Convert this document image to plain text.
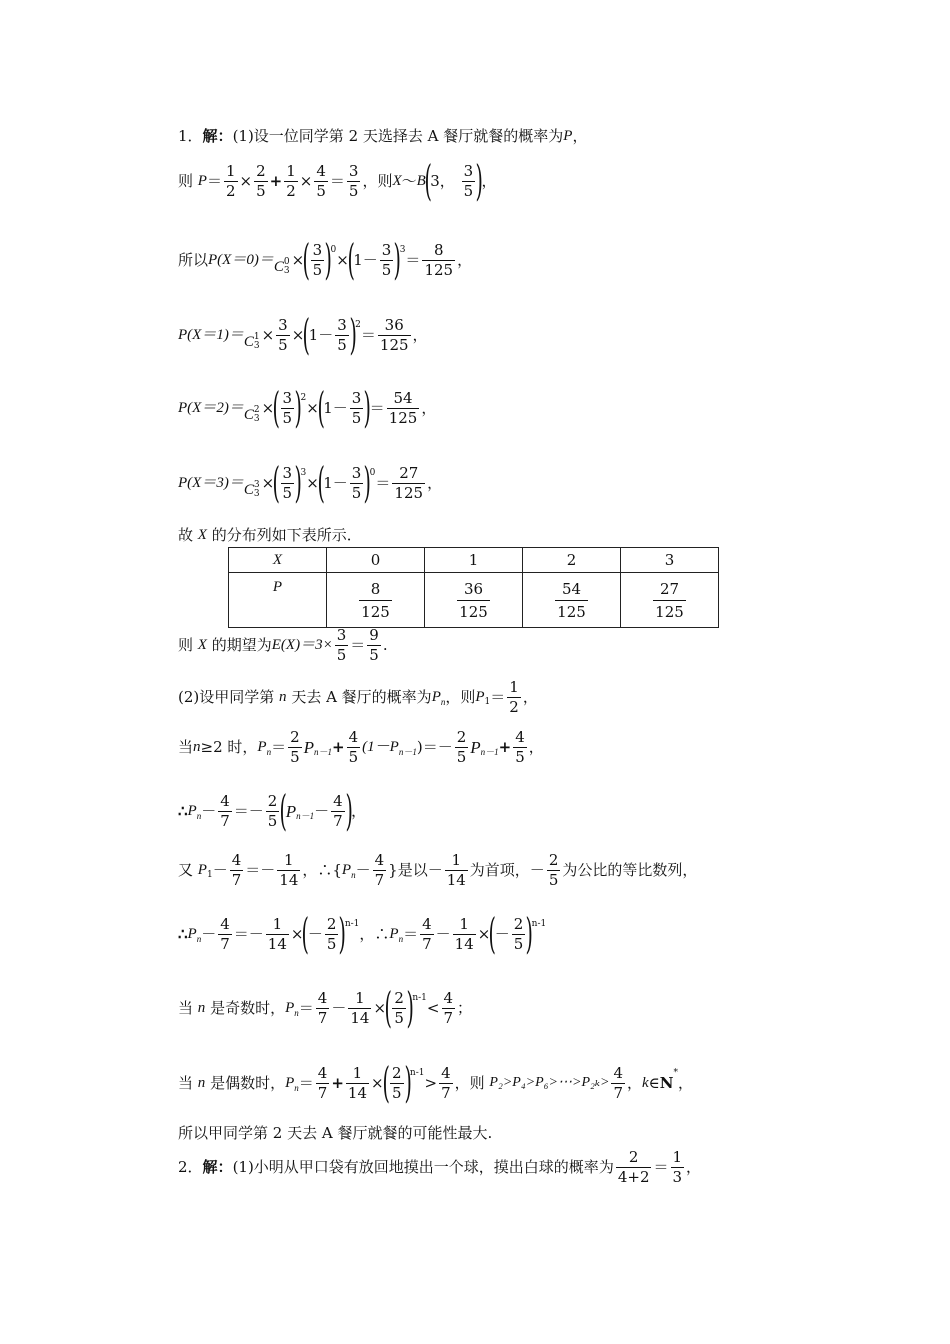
1． 解： (1)设一位同学第 2 天选择去 A 餐厅就餐的概率为 P ，
则
$P = \frac{1}{2} \times \frac{2}{5} + \frac{1}{2} \times \frac{4}{5} = \frac{3}{5}$ ，则 X ～ B
(
3，
$\frac{3}{5}$ )
，
所以 P(X＝0)＝ C 0
3
×
( $\frac{3}{5}$ )
0
×
(
$1- \frac{3}{5}$ )
3
＝ $\frac{8}{125}$ ，
P(X＝1)＝ C 1
3
× $\frac{3}{5}$ ×
(
$1- \frac{3}{5}$ )
2
＝ $\frac{36}{125}$ ，
P(X＝2)＝ C 2
3
×
( $\frac{3}{5}$ )
2
×
(
$1- \frac{3}{5}$ )
＝ $\frac{54}{125}$ ，
P(X＝3)＝ C 3
3
×
( $\frac{3}{5}$ )
3
×
(
$1- \frac{3}{5}$ )
0
＝ $\frac{27}{125}$ ，
故
X
的分布列如下表所示．
X	0	1	2	3
P	$\frac{8}{125}$	$\frac{36}{125}$	$\frac{54}{125}$	$\frac{27}{125}$
则
X
的期望为 $E(X)=3\times \frac{3}{5} = \frac{9}{5}$ .
(2)设甲同学第
n
天去 A 餐厅的概率为 P n ，则 P $1 = \frac{1}{2}$ ，
当 n ≥2 时， P $n = \frac{2}{5}$ P $n-1 + \frac{4}{5} (1-P$ n－1 )＝－ $\frac{2}{5}$ P $n-1 + \frac{4}{5}$ ，
∴ P $n - \frac{4}{7} =- \frac{2}{5}$ (
P $n-1 - \frac{4}{7}$ )
，
又
P $1 - \frac{4}{7} =- \frac{1}{14}$ ，∴{ P $n - \frac{4}{7}$ }是以－ $\frac{1}{14}$ 为首项，－ $\frac{2}{5}$ 为公比的等比数列，
∴ P $n - \frac{4}{7} =- \frac{1}{14}$ ×
(
－ $\frac{2}{5}$ )
n-1
，∴ P $n = \frac{4}{7} - \frac{1}{14}$ ×
(
－ $\frac{2}{5}$ )
n-1
当
n
是奇数时， P $n = \frac{4}{7} - \frac{1}{14}$ ×
( $\frac{2}{5}$ )
n-1
< $\frac{4}{7}$ ；
当
n
是偶数时， P $n = \frac{4}{7} + \frac{1}{14}$ ×
( $\frac{2}{5}$ )
n-1
> $\frac{4}{7}$ ，则
P₂>P₄>P₆>⋯>P₂ₖ> $\frac{4}{7}$ ， k ∈ N
*
，
所以甲同学第 2 天去 A 餐厅就餐的可能性最大.
2． 解： (1)小明从甲口袋有放回地摸出一个球，摸出白球的概率为 $\frac{2}{4+2} = \frac{1}{3}$ ，
